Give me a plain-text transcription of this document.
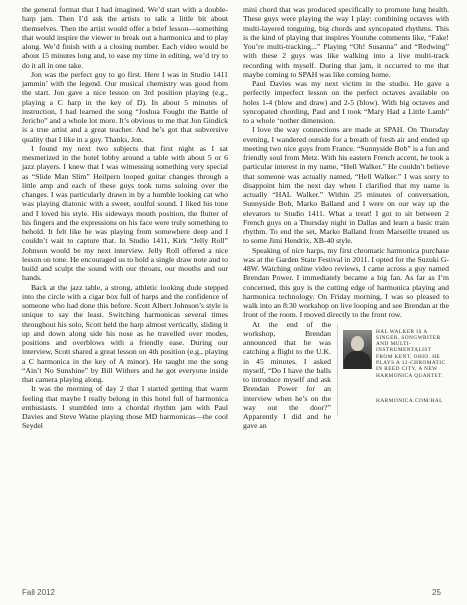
the general format that I had imagined. We’d start with a double-harp jam. Then I’d ask the artists to talk a little bit about themselves. Then the artist would offer a brief lesson—something that would inspire the viewer to break out a harmonica and to play along. We’d finish with a a closing number. Each video would be about 15 minutes long and, to ease my time in editing, we’d try to do it all in one take.

Jon was the perfect guy to go first. Here I was in Studio 1411 jammin’ with the legend. Our musical chemistry was good from the start. Jon gave a nice lesson on 3rd position playing (e.g., playing a C harp in the key of D). In about 5 minutes of instruction, I had learned the song “Joshua Fought the Battle of Jericho” and a whole lot more. It’s obvious to me that Jon Gindick is a true artist and a great teacher. And he’s got that subversive quality that I like in a guy. Thanks, Jon.

I found my next two subjects that first night as I sat mesmerized in the hotel lobby around a table with about 5 or 6 jazz players. I knew that I was witnessing something very special as “Slide Man Slim” Heilpern looped guitar changes through a little amp and each of these guys took turns soloing over the changes. I was particularly drawn in by a humble looking cat who was playing diatonic with a sweet, soulful sound. I liked his tone and I loved his style. His sideways mouth position, the flutter of his fingers and the expressions on his face were truly something to behold. It felt like he was playing from somewhere deep and I couldn’t wait to capture that. In Studio 1411, Kirk “Jelly Roll” Johnson would be my next interview. Jelly Roll offered a nice lesson on tone. He encouraged us to hold a single draw note and to build and sculpt the sound with our throats, our mouths and our hands.

Back at the jazz table, a strong, athletic looking dude stepped into the circle with a cigar box full of harps and the confidence of someone who had done this before. Scott Albert Johnson’s style is unique to say the least. Switching harmonicas several times throughout his solo, Scott held the harp almost vertically, sliding it up and down along side his nose as he travelled over modes, positions and overblows with a friendly ease. During our interview, Scott shared a great lesson on 4th position (e.g., playing a C harmonica in the key of A minor). He taught me the song “Ain’t No Sunshine” by Bill Withers and he got everyone inside that camera playing along.

It was the morning of day 2 that I started getting that warm feeling that maybe I really belong in this hotel full of harmonica enthusiasts. I stumbled into a chordal rhythm jam with Paul Davies and Steve Watne playing those MD harmonicas—the cool Seydel

mini chord that was produced specifically to promote lung health. These guys were playing the way I play: combining octaves with multi-layered tonguing, big chords and syncopated rhythms. This is the kind of playing that inspires Youtube comments like, “Fake! You’re multi-tracking...” Playing “Oh! Susanna” and “Redwing” with these 2 guys was like walking into a live multi-track recording with myself. During that jam, it occurred to me that maybe coming to SPAH was like coming home.

Paul Davies was my next victim in the studio. He gave a perfectly imperfect lesson on the perfect octaves available on holes 1-4 (blow and draw) and 2-5 (blow). With big octaves and syncopated chording, Paul and I took “Mary Had a Little Lamb” to a whole ‘nother dimension.

I love the way connections are made at SPAH. On Thursday evening, I wandered outside for a breath of fresh air and ended up meeting two nice guys from France. “Sunnyside Bob” is a fun and friendly soul from Metz. With his eastern French accent, he took a particular interest in my name, “Hell Walker.” He couldn’t believe that someone was actually named, “Hell Walker.” I was sorry to disappoint him the next day when I clarified that my name is actually “HAL Walker.” Within 25 minutes of conversation, Sunnyside Bob, Marko Balland and I were on our way up the elevators to Studio 1411. What a treat! I got to sit between 2 French guys on a Thursday night in Dallas and learn a basic train rhythm. To end the set, Marko Balland from Marseille treated us to some Jimi Hendrix, XB-40 style.

Speaking of nice harps, my first chromatic harmonica purchase was at the Garden State Festival in 2011. I opted for the Suzuki G-48W. Watching online video reviews, I came across a guy named Brendan Power. I immediately became a big fan. As far as I’m concerned, this guy is the cutting edge of harmonica playing and harmonica technology. On Friday morning, I was so pleased to walk into an 8:30 workshop on live looping and see Brendan at the front of the room. I moved directly to the front row.

HAL WALKER IS A SINGER, SONGWRITER AND MULTI-INSTRUMENTALIST FROM KENT, OHIO. HE PLAYS A 12-CHROMATIC IN REED CITY, A NEW HARMONICA QUARTET.
HARMONICA.COM/HAL

At the end of the workshop, Brendan announced that he was catching a flight to the U.K. in 45 minutes. I asked myself, “Do I have the balls to introduce myself and ask Brendan Power for an interview when he’s on the way out the door?” Apparently I did and he gave an

Fall 2012	25
